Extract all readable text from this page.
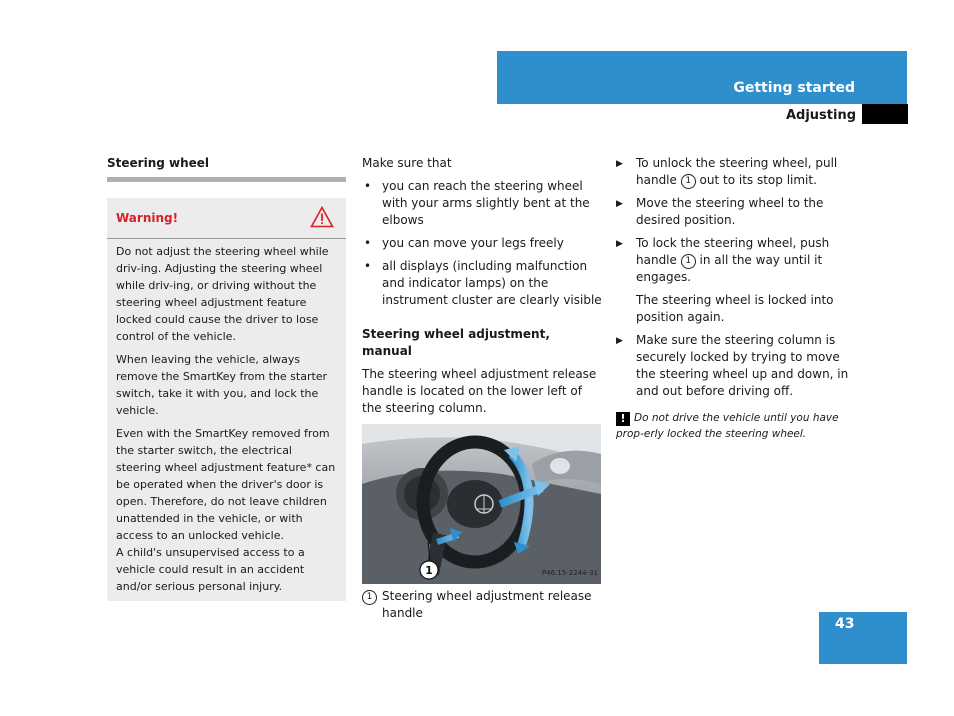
Getting started
Adjusting
Steering wheel
Warning!

Do not adjust the steering wheel while driv-ing. Adjusting the steering wheel while driv-ing, or driving without the steering wheel adjustment feature locked could cause the driver to lose control of the vehicle.

When leaving the vehicle, always remove the SmartKey from the starter switch, take it with you, and lock the vehicle.

Even with the SmartKey removed from the starter switch, the electrical steering wheel adjustment feature* can be operated when the driver's door is open. Therefore, do not leave children unattended in the vehicle, or with access to an unlocked vehicle.

A child's unsupervised access to a vehicle could result in an accident and/or serious personal injury.

Make sure that

• you can reach the steering wheel with your arms slightly bent at the elbows
• you can move your legs freely
• all displays (including malfunction and indicator lamps) on the instrument cluster are clearly visible
Steering wheel adjustment, manual

The steering wheel adjustment release handle is located on the lower left of the steering column.

1	P46.15-2244-31
1 Steering wheel adjustment release handle
▶ To unlock the steering wheel, pull handle 1 out to its stop limit.
▶ Move the steering wheel to the desired position.
▶ To lock the steering wheel, push handle 1 in all the way until it engages.

The steering wheel is locked into position again.

▶ Make sure the steering column is securely locked by trying to move the steering wheel up and down, in and out before driving off.
! Do not drive the vehicle until you have prop-erly locked the steering wheel.
43
